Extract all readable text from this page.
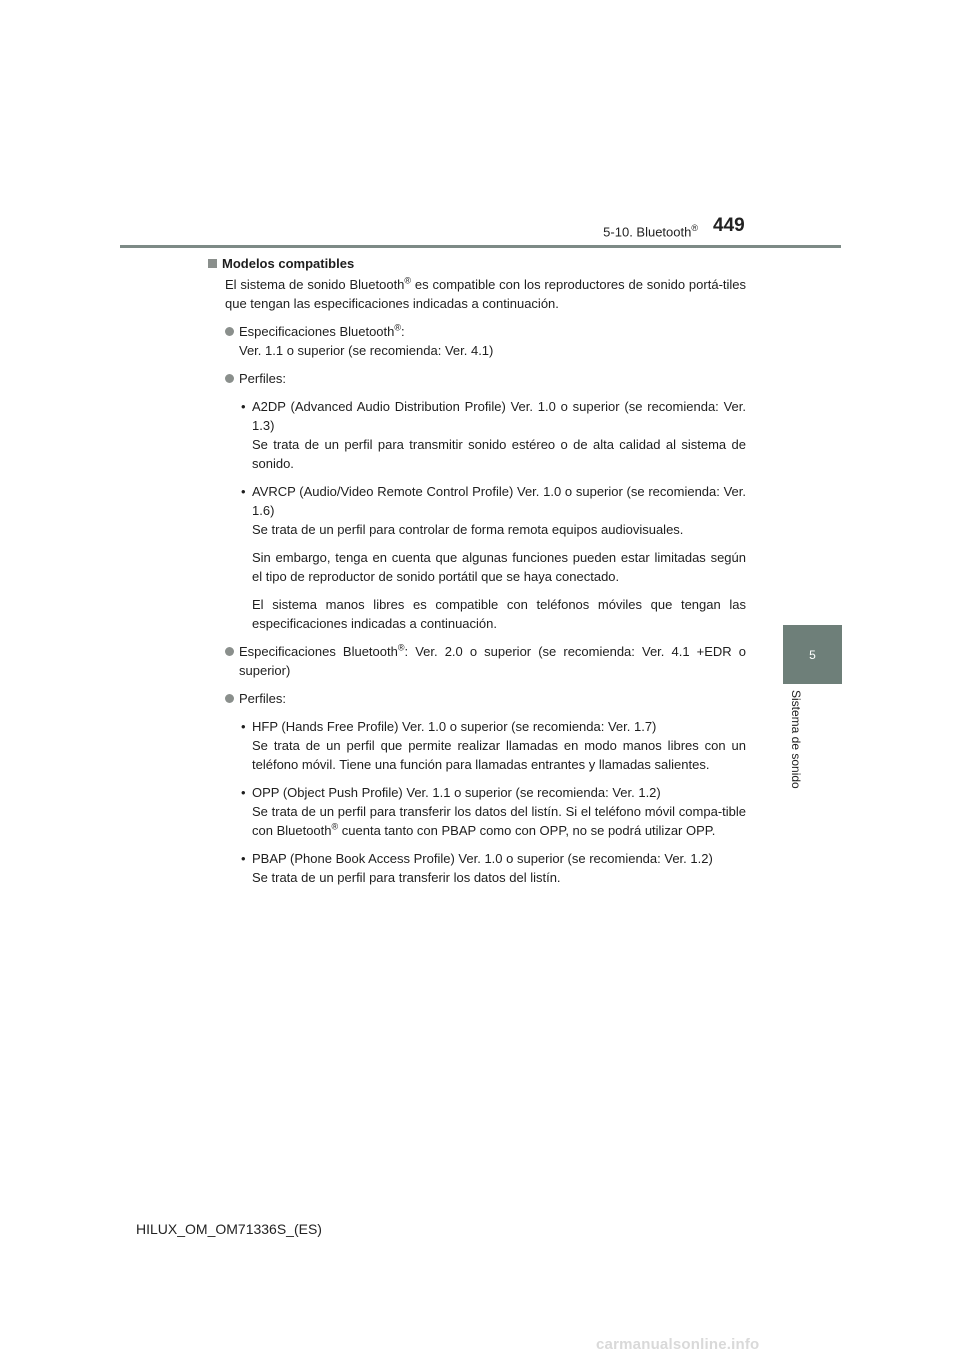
5-10. Bluetooth® 449
5
Sistema de sonido

Modelos compatibles

El sistema de sonido Bluetooth® es compatible con los reproductores de sonido portá-tiles que tengan las especificaciones indicadas a continuación.

Especificaciones Bluetooth®:
Ver. 1.1 o superior (se recomienda: Ver. 4.1)

Perfiles:

• A2DP (Advanced Audio Distribution Profile) Ver. 1.0 o superior (se recomienda: Ver. 1.3)
Se trata de un perfil para transmitir sonido estéreo o de alta calidad al sistema de sonido.

• AVRCP (Audio/Video Remote Control Profile) Ver. 1.0 o superior (se recomienda: Ver. 1.6)
Se trata de un perfil para controlar de forma remota equipos audiovisuales.

Sin embargo, tenga en cuenta que algunas funciones pueden estar limitadas según el tipo de reproductor de sonido portátil que se haya conectado.

El sistema manos libres es compatible con teléfonos móviles que tengan las especificaciones indicadas a continuación.

Especificaciones Bluetooth®: Ver. 2.0 o superior (se recomienda: Ver. 4.1 +EDR o superior)

Perfiles:

• HFP (Hands Free Profile) Ver. 1.0 o superior (se recomienda: Ver. 1.7)
Se trata de un perfil que permite realizar llamadas en modo manos libres con un teléfono móvil. Tiene una función para llamadas entrantes y llamadas salientes.

• OPP (Object Push Profile) Ver. 1.1 o superior (se recomienda: Ver. 1.2)
Se trata de un perfil para transferir los datos del listín. Si el teléfono móvil compa-tible con Bluetooth® cuenta tanto con PBAP como con OPP, no se podrá utilizar OPP.

• PBAP (Phone Book Access Profile) Ver. 1.0 o superior (se recomienda: Ver. 1.2)
Se trata de un perfil para transferir los datos del listín.

HILUX_OM_OM71336S_(ES)
carmanualsonline.info
